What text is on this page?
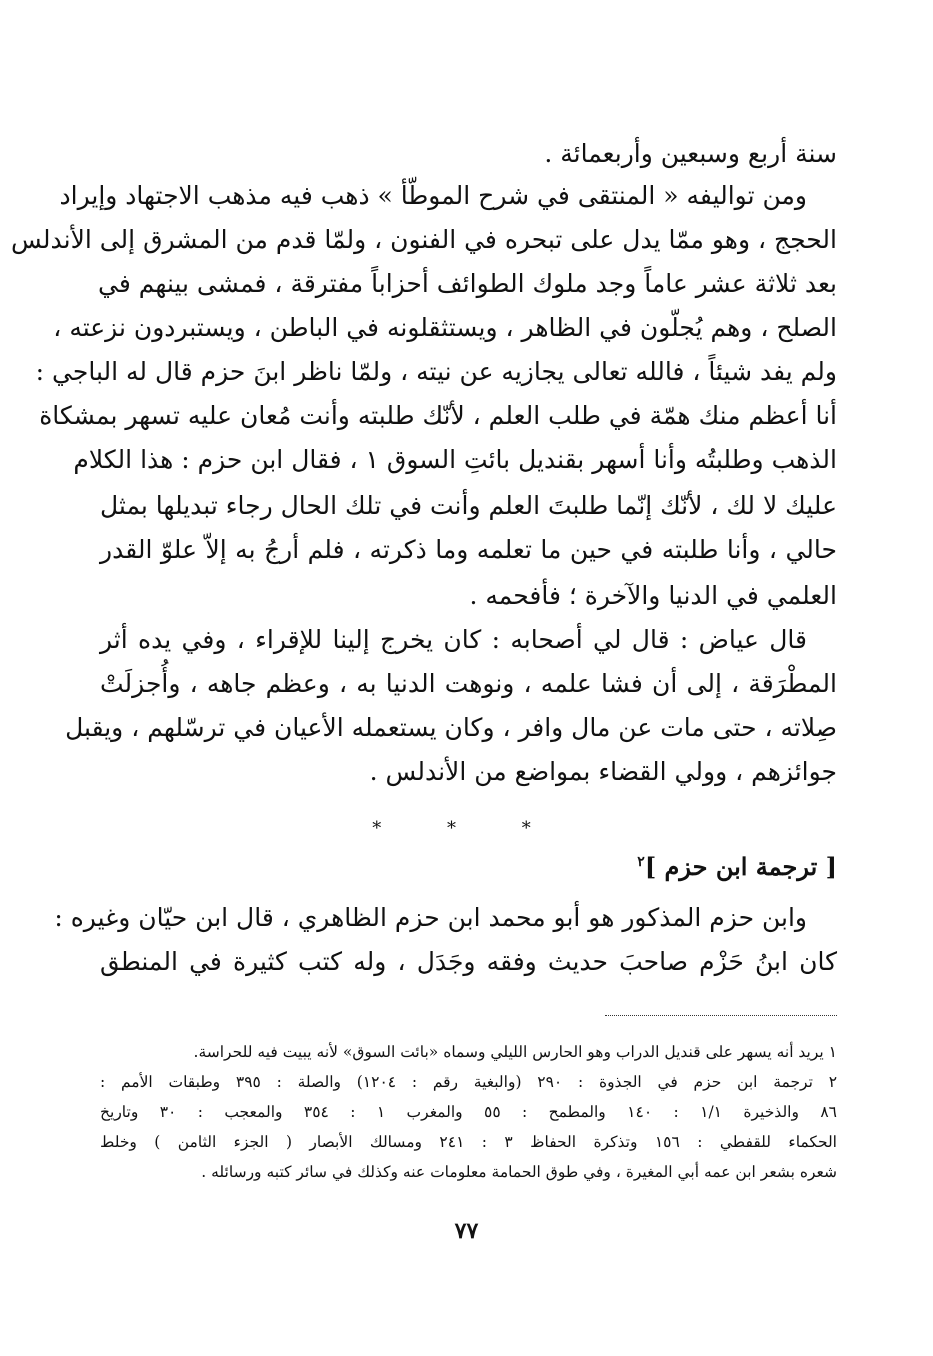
سنة أربع وسبعين وأربعمائة .
ومن تواليفه « المنتقى في شرح الموطّأ » ذهب فيه مذهب الاجتهاد وإيراد
الحجج ، وهو ممّا يدل على تبحره في الفنون ، ولمّا قدم من المشرق إلى الأندلس
بعد ثلاثة عشر عاماً وجد ملوك الطوائف أحزاباً مفترقة ، فمشى بينهم في
الصلح ، وهم يُجلّون في الظاهر ، ويستثقلونه في الباطن ، ويستبردون نزعته ،
ولم يفد شيئاً ، فالله تعالى يجازيه عن نيته ، ولمّا ناظر ابنَ حزم قال له الباجي :
أنا أعظم منك همّة في طلب العلم ، لأنّك طلبته وأنت مُعان عليه تسهر بمشكاة
الذهب وطلبتُه وأنا أسهر بقنديل بائتِ السوق ١ ، فقال ابن حزم : هذا الكلام
عليك لا لك ، لأنّك إنّما طلبتَ العلم وأنت في تلك الحال رجاء تبديلها بمثل
حالي ، وأنا طلبته في حين ما تعلمه وما ذكرته ، فلم أرجُ به إلاّ علوّ القدر
العلمي في الدنيا والآخرة ؛ فأفحمه .
قال عياض : قال لي أصحابه : كان يخرج إلينا للإقراء ، وفي يده أثر
المطْرَقة ، إلى أن فشا علمه ، ونوهت الدنيا به ، وعظم جاهه ، وأُجزلَتْ
صِلاته ، حتى مات عن مال وافر ، وكان يستعمله الأعيان في ترسّلهم ، ويقبل
جوائزهم ، وولي القضاء بمواضع من الأندلس .
* * *
[ ترجمة ابن حزم ]$^٢$
وابن حزم المذكور هو أبو محمد ابن حزم الظاهري ، قال ابن حيّان وغيره :
كان ابنُ حَزْم صاحبَ حديث وفقه وجَدَل ، وله كتب كثيرة في المنطق
١ يريد أنه يسهر على قنديل الدراب وهو الحارس الليلي وسماه «بائت السوق» لأنه يبيت فيه للحراسة.
٢ ترجمة ابن حزم في الجذوة : ٢٩٠ (والبغية رقم : ١٢٠٤) والصلة : ٣٩٥ وطبقات الأمم :
٨٦ والذخيرة ١/١ : ١٤٠ والمطمح : ٥٥ والمغرب ١ : ٣٥٤ والمعجب : ٣٠ وتاريخ
الحكماء للقفطي : ١٥٦ وتذكرة الحفاظ ٣ : ٢٤١ ومسالك الأبصار ( الجزء الثامن ) وخلط
شعره بشعر ابن عمه أبي المغيرة ، وفي طوق الحمامة معلومات عنه وكذلك في سائر كتبه ورسائله .
٧٧
